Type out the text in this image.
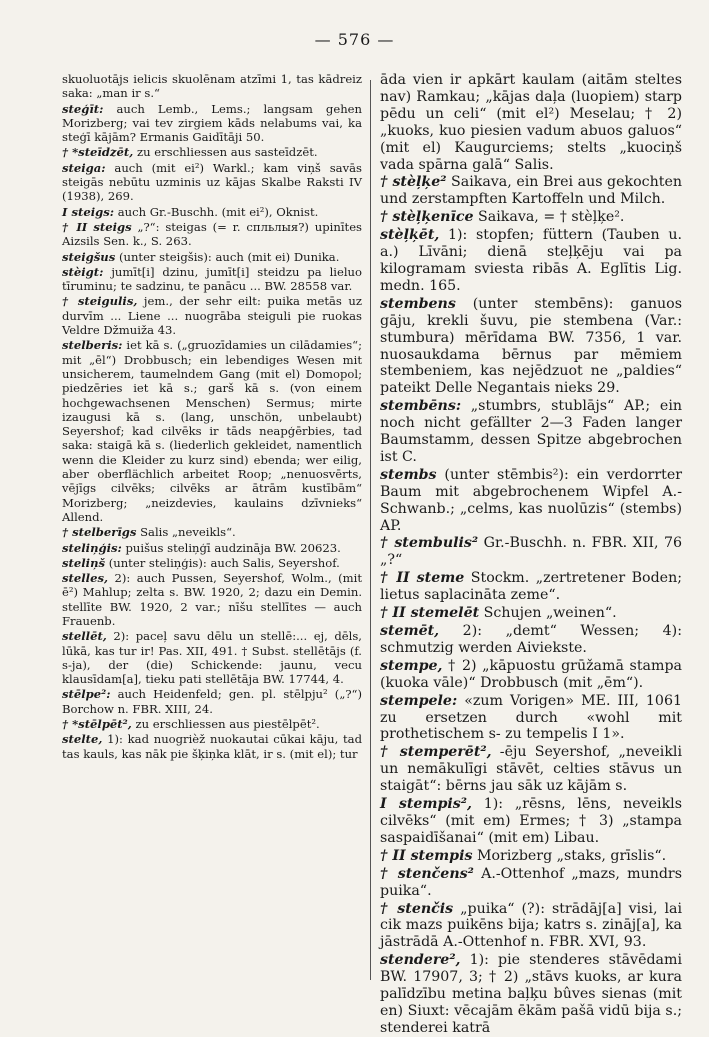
— 576 —

skuoluotājs ielicis skuolēnam atzīmi 1, tas kādreiz saka: „man ir s.“

steģīt: auch Lemb., Lems.; langsam gehen Morizberg; vai tev zirgiem kāds nelabums vai, ka steģī kājām? Ermanis Gaidītāji 50.

† *steīdzēt, zu erschliessen aus sasteīdzēt.

steiga: auch (mit ei²) Warkl.; kam viņš savās steigās nebūtu uzminis uz kājas Skalbe Raksti IV (1938), 269.

I steigs: auch Gr.-Buschh. (mit ei²), Oknist.

† II steigs „?“: steigas (= r. спльлыя?) upinītes Aizsils Sen. k., S. 263.

steigšus (unter steigšis): auch (mit ei) Dunika.

stèigt: jumīt[i] dzinu, jumīt[i] steidzu pa lieluo tīruminu; te sadzinu, te panācu ... BW. 28558 var.

† steigulis, jem., der sehr eilt: puika metās uz durvīm ... Liene ... nuogrāba steiguli pie ruokas Veldre Džmuiža 43.

stelberis: iet kā s. („gruozīdamies un cilādamies“; mit „ēl“) Drobbusch; ein lebendiges Wesen mit unsicherem, taumelndem Gang (mit el) Domopol; piedzēries iet kā s.; garš kā s. (von einem hochgewachsenen Menschen) Sermus; mirte izaugusi kā s. (lang, unschön, unbelaubt) Seyershof; kad cilvēks ir tāds neapģērbies, tad saka: staigā kā s. (liederlich gekleidet, namentlich wenn die Kleider zu kurz sind) ebenda; wer eilig, aber oberflächlich arbeitet Roop; „nenuosvērts, vējīgs cilvēks; cilvēks ar ātrām kustībām“ Morizberg; „neizdevies, kaulains dzīvnieks“ Allend.

† stelberīgs Salis „neveikls“.

steliņģis: puišus steliņģī audzināja BW. 20623.

steliņš (unter steliņģis): auch Salis, Seyershof.

stelles, 2): auch Pussen, Seyershof, Wolm., (mit ē²) Mahlup; zelta s. BW. 1920, 2; dazu ein Demin. stellīte BW. 1920, 2 var.; nīšu stellītes — auch Frauenb.

stellēt, 2): paceļ savu dēlu un stellē:... ej, dēls, lūkā, kas tur ir! Pas. XII, 491. † Subst. stellētājs (f. s-ja), der (die) Schickende: jaunu, vecu klausīdam[a], tieku pati stellētāja BW. 17744, 4.

stēlpe²: auch Heidenfeld; gen. pl. stēlpju² („?“) Borchow n. FBR. XIII, 24.

† *stēlpēt², zu erschliessen aus piestēlpēt².

stelte, 1): kad nuogrièž nuokautai cūkai kāju, tad tas kauls, kas nāk pie šķiņka klāt, ir s. (mit el); tur

āda vien ir apkārt kaulam (aitām steltes nav) Ramkau; „kājas daļa (luopiem) starp pēdu un celi“ (mit el²) Meselau; † 2) „kuoks, kuo piesien vadum abuos galuos“ (mit el) Kaugurciems; stelts „kuociņš vada spārna galā“ Salis.

† stèļķe² Saikava, ein Brei aus gekochten und zerstampften Kartoffeln und Milch.

† stèļķenīce Saikava, = † stèļķe².

stèļķēt, 1): stopfen; füttern (Tauben u. a.) Līvāni; dienā steļķēju vai pa kilogramam sviesta ribās A. Eglītis Lig. medn. 165.

stembens (unter stembēns): ganuos gāju, krekli šuvu, pie stembena (Var.: stumbura) mērīdama BW. 7356, 1 var. nuosaukdama bērnus par mēmiem stembeniem, kas nejēdzuot ne „paldies“ pateikt Delle Negantais nieks 29.

stembēns: „stumbrs, stublājs“ AP.; ein noch nicht gefällter 2—3 Faden langer Baumstamm, dessen Spitze abgebrochen ist C.

stembs (unter stēmbis²): ein verdorrter Baum mit abgebrochenem Wipfel A.-Schwanb.; „celms, kas nuolūzis“ (stembs) AP.

† stembulis² Gr.-Buschh. n. FBR. XII, 76 „?“

† II steme Stockm. „zertretener Boden; lietus saplacināta zeme“.

† II stemelēt Schujen „weinen“.

stemēt, 2): „demt“ Wessen; 4): schmutzig werden Aiviekste.

stempe, † 2) „kāpuostu grūžamā stampa (kuoka vāle)“ Drobbusch (mit „ēm“).

stempele: «zum Vorigen» ME. III, 1061 zu ersetzen durch «wohl mit prothetischem s- zu tempelis I 1».

† stemperēt², -ēju Seyershof, „neveikli un nemākulīgi stāvēt, celties stāvus un staigāt“: bērns jau sāk uz kājām s.

I stempis², 1): „rēsns, lēns, neveikls cilvēks“ (mit em) Ermes; † 3) „stampa saspaidīšanai“ (mit em) Libau.

† II stempis Morizberg „staks, grīslis“.

† stenčens² A.-Ottenhof „mazs, mundrs puika“.

† stenčis „puika“ (?): strādāj[a] visi, lai cik mazs puikēns bija; katrs s. zināj[a], ka jāstrādā A.-Ottenhof n. FBR. XVI, 93.

stendere², 1): pie stenderes stāvēdami BW. 17907, 3; † 2) „stāvs kuoks, ar kura palīdzību metina baļķu bûves sienas (mit en) Siuxt: vēcajām ēkām pašā vidū bija s.; stenderei katrā
